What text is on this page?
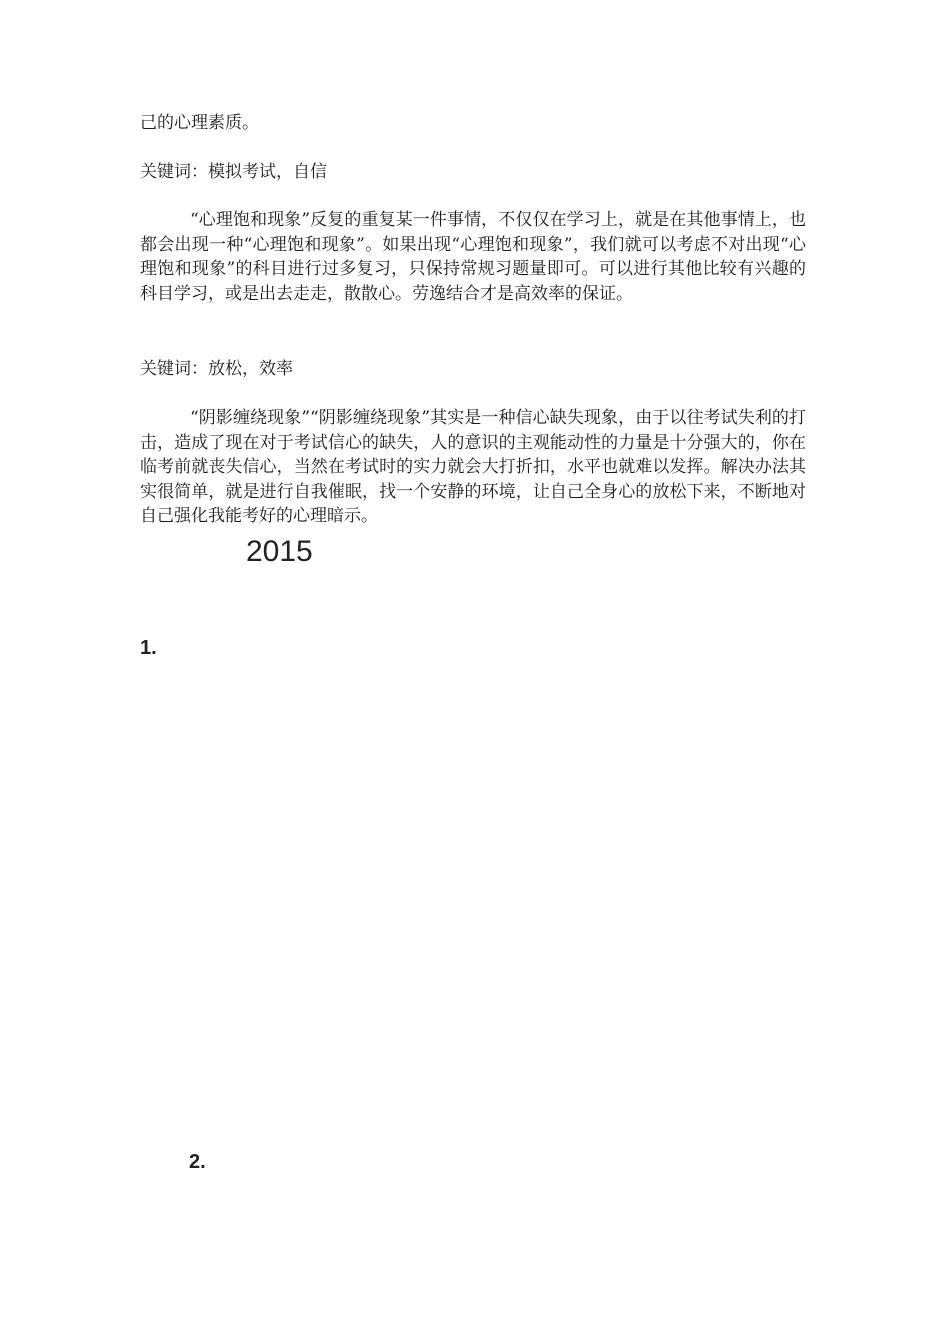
己的心理素质。
关键词：模拟考试，自信

“心理饱和现象”反复的重复某一件事情，不仅仅在学习上，就是在其他事情上，也都会出现一种“心理饱和现象”。如果出现“心理饱和现象”，我们就可以考虑不对出现“心理饱和现象”的科目进行过多复习，只保持常规习题量即可。可以进行其他比较有兴趣的科目学习，或是出去走走，散散心。劳逸结合才是高效率的保证。

关键词：放松，效率

“阴影缠绕现象”“阴影缠绕现象”其实是一种信心缺失现象，由于以往考试失利的打击，造成了现在对于考试信心的缺失，人的意识的主观能动性的力量是十分强大的，你在临考前就丧失信心，当然在考试时的实力就会大打折扣，水平也就难以发挥。解决办法其实很简单，就是进行自我催眠，找一个安静的环境，让自己全身心的放松下来，不断地对自己强化我能考好的心理暗示。

2015
1.
2.
